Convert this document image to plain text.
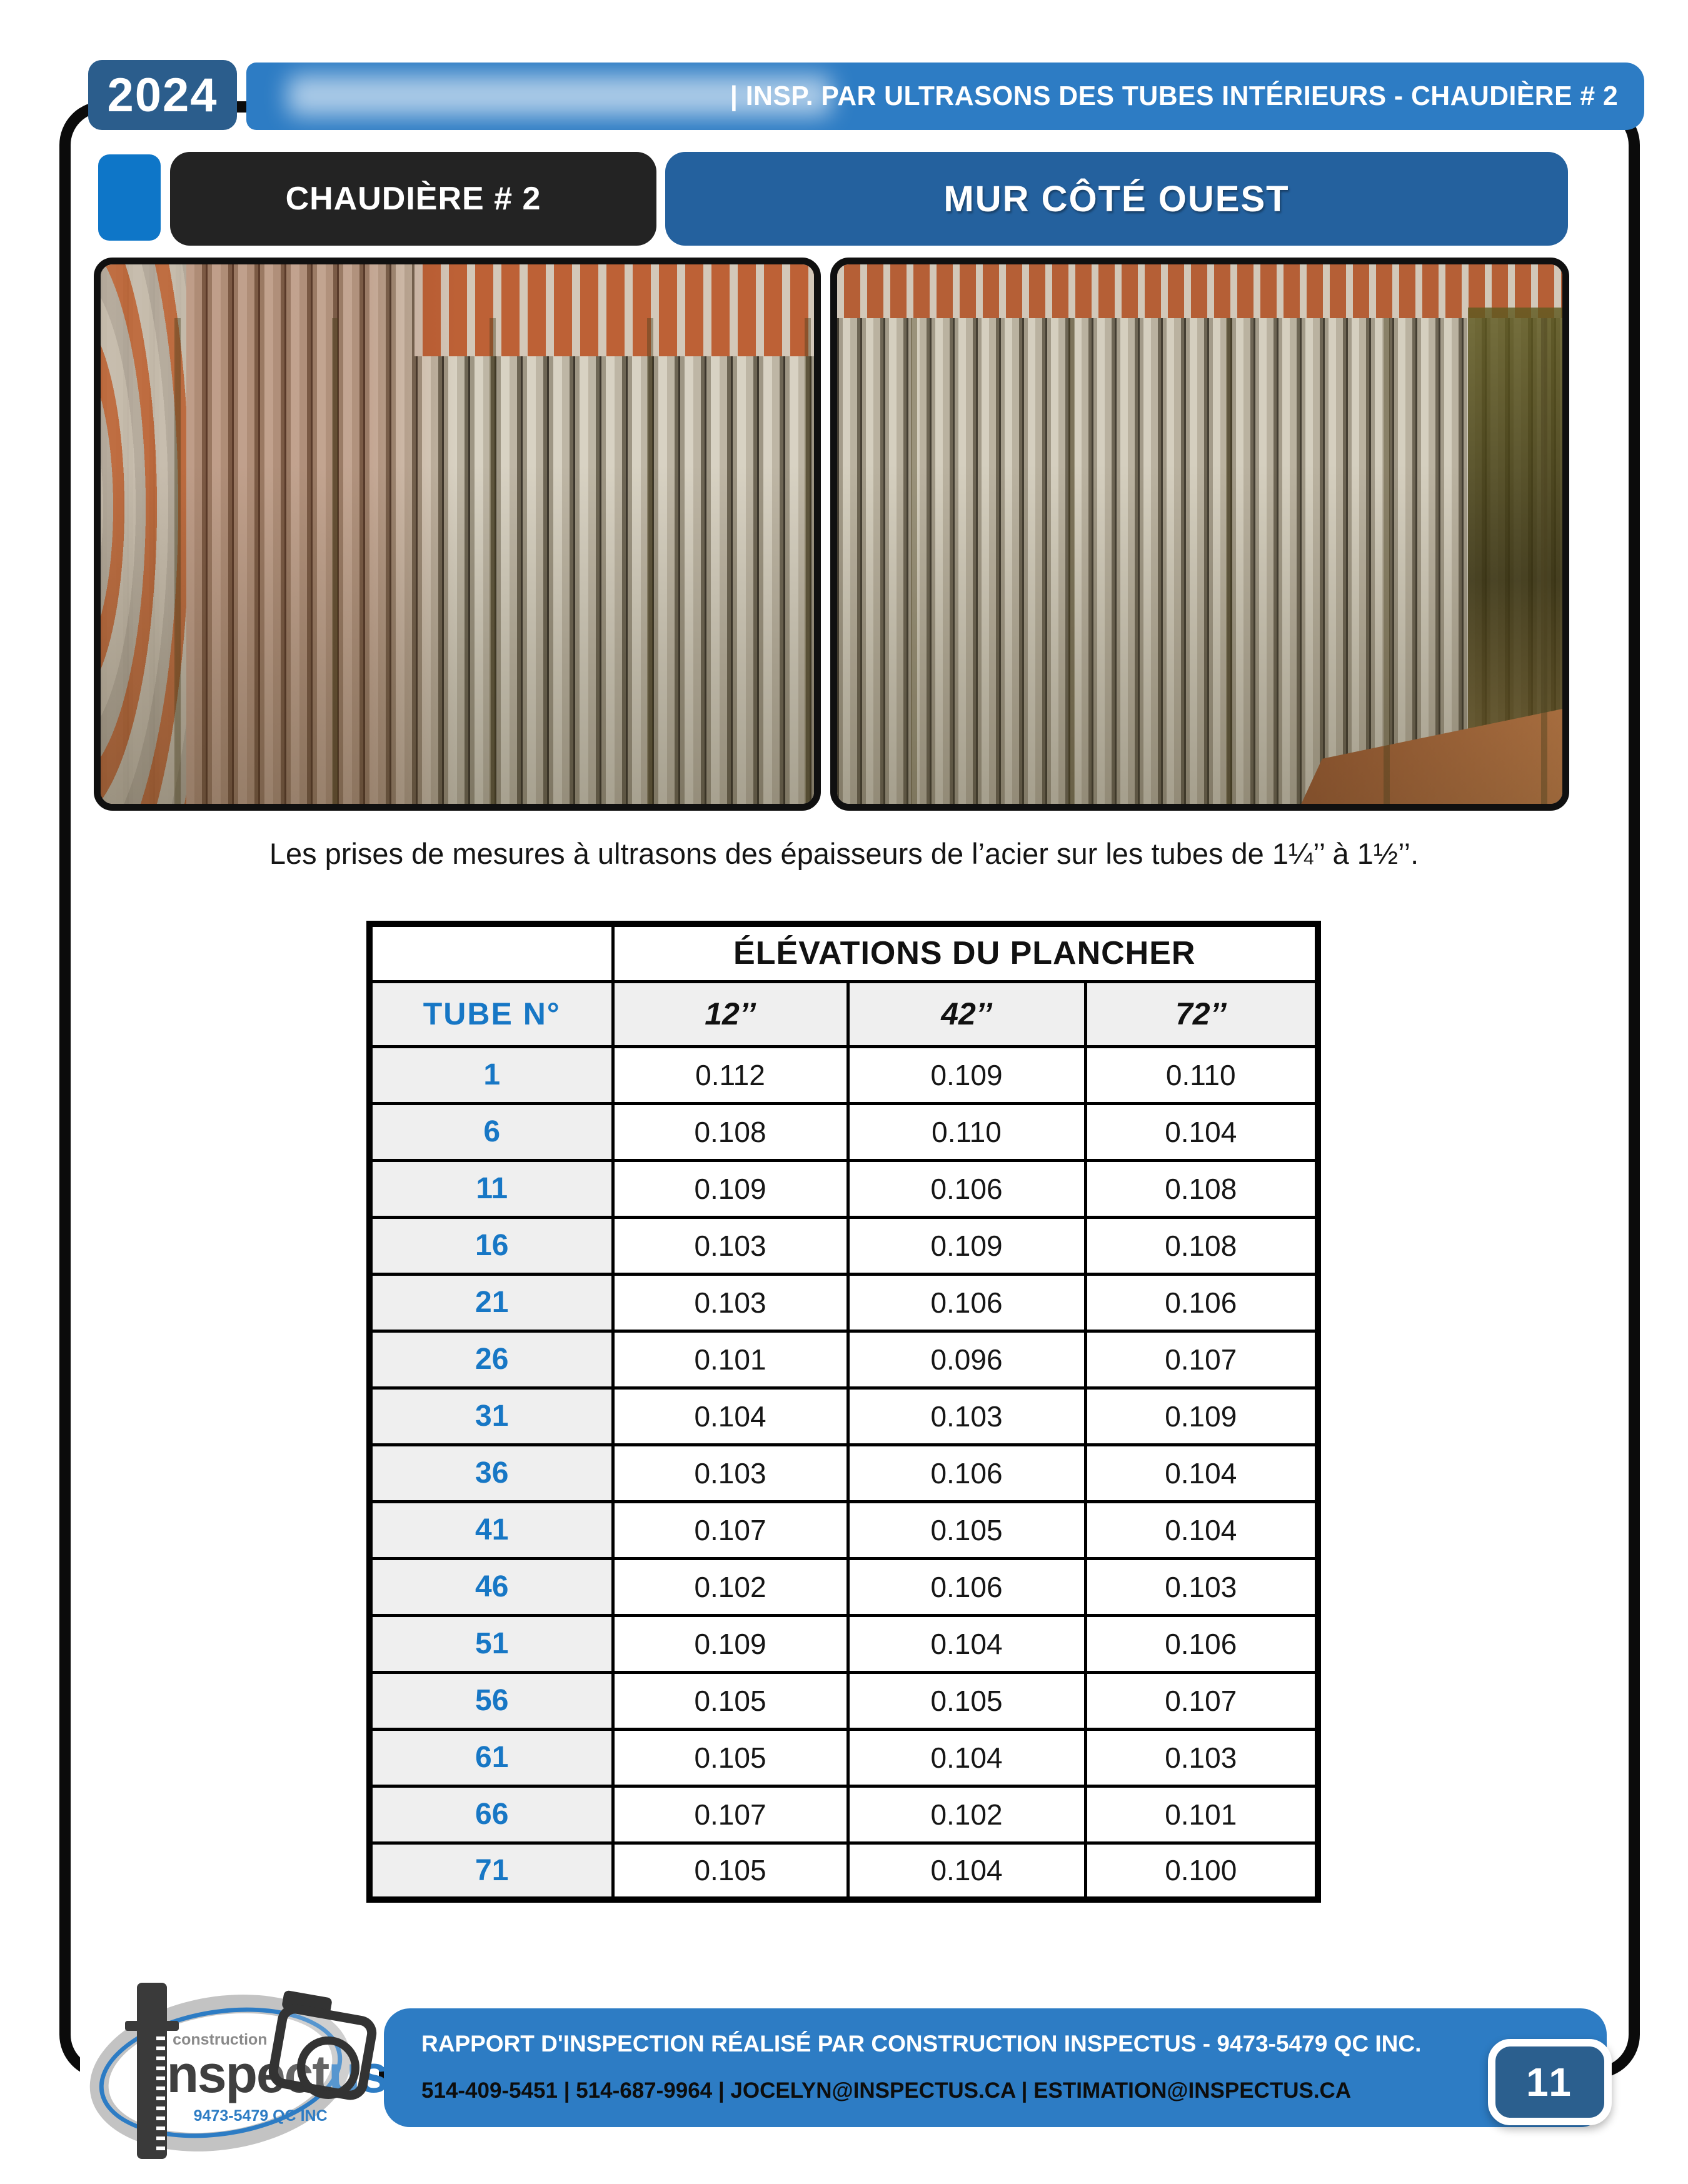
2024	| INSP. PAR ULTRASONS DES TUBES INTÉRIEURS - CHAUDIÈRE # 2
CHAUDIÈRE # 2	MUR CÔTÉ OUEST
Les prises de mesures à ultrasons des épaisseurs de l’acier sur les tubes de 1¼’’ à 1½’’.
	ÉLÉVATIONS DU PLANCHER		
TUBE N°	12’’	42’’	72’’
1	0.112	0.109	0.110
6	0.108	0.110	0.104
11	0.109	0.106	0.108
16	0.103	0.109	0.108
21	0.103	0.106	0.106
26	0.101	0.096	0.107
31	0.104	0.103	0.109
36	0.103	0.106	0.104
41	0.107	0.105	0.104
46	0.102	0.106	0.103
51	0.109	0.104	0.106
56	0.105	0.105	0.107
61	0.105	0.104	0.103
66	0.107	0.102	0.101
71	0.105	0.104	0.100
RAPPORT D'INSPECTION RÉALISÉ PAR CONSTRUCTION INSPECTUS - 9473-5479 QC INC.
514-409-5451 | 514-687-9964 | JOCELYN@INSPECTUS.CA | ESTIMATION@INSPECTUS.CA
construction
nspectus
9473-5479 QC INC
11
